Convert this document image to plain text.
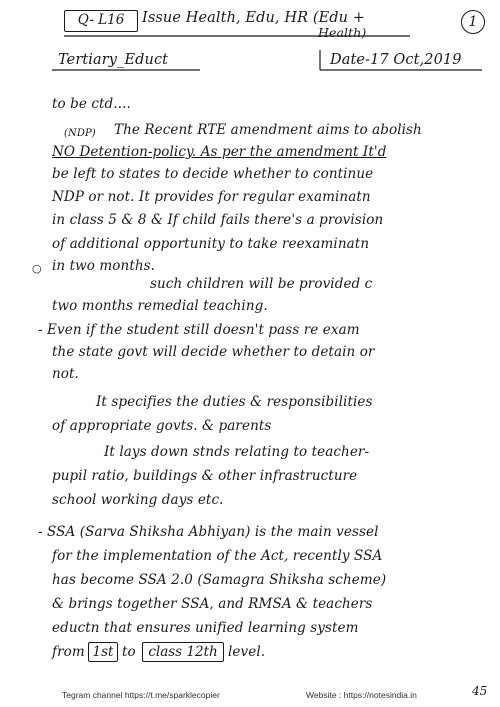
Q- L16	Issue Health, Edu, HR (Edu +
Health)
1
Tertiary_Educt	Date-17 Oct,2019
to be ctd....
The Recent RTE amendment aims to abolish
(NDP)
NO Detention-policy. As per the amendment It'd
be left to states to decide whether to continue
NDP or not. It provides for regular examinatn
in class 5 & 8 & If child fails there's a provision
of additional opportunity to take reexaminatn
in two months.
such children will be provided c
two months remedial teaching.
- Even if the student still doesn't pass re exam
the state govt will decide whether to detain or
not.
It specifies the duties & responsibilities
of appropriate govts. & parents
It lays down stnds relating to teacher-
pupil ratio, buildings & other infrastructure
school working days etc.
- SSA (Sarva Shiksha Abhiyan) is the main vessel
for the implementation of the Act, recently SSA
has become SSA 2.0 (Samagra Shiksha scheme)
& brings together SSA, and RMSA & teachers
eductn that ensures unified learning system
from 1st to class 12th level.
○
Tegram channel https://t.me/sparklecopier	Website : https://notesindia.in	45
